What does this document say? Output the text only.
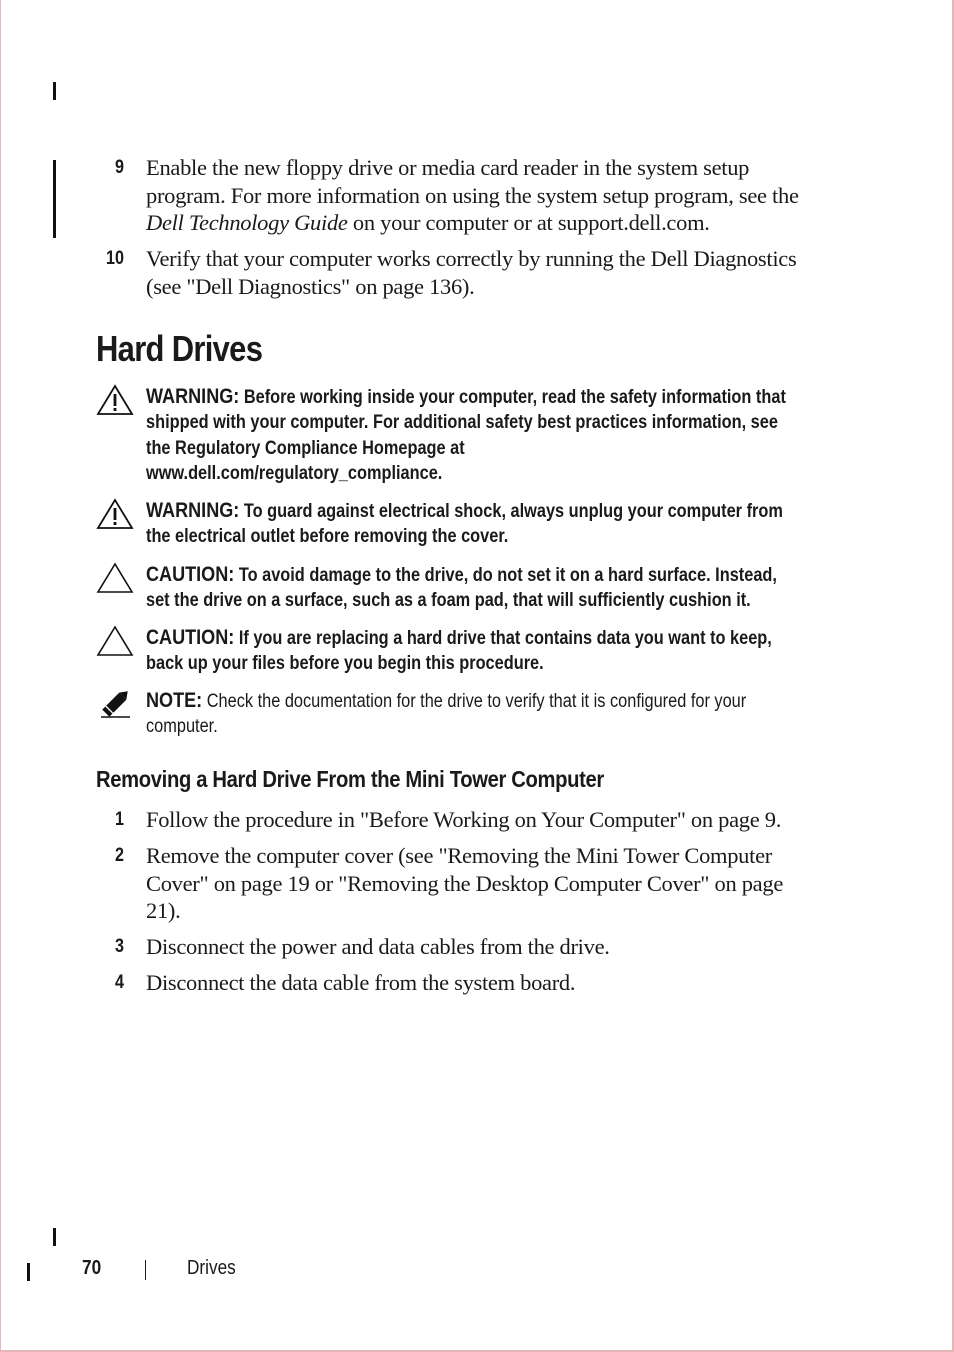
9 Enable the new floppy drive or media card reader in the system setup program. For more information on using the system setup program, see the Dell Technology Guide on your computer or at support.dell.com.
10 Verify that your computer works correctly by running the Dell Diagnostics (see "Dell Diagnostics" on page 136).
Hard Drives
WARNING: Before working inside your computer, read the safety information that shipped with your computer. For additional safety best practices information, see the Regulatory Compliance Homepage at
www.dell.com/regulatory_compliance.
WARNING: To guard against electrical shock, always unplug your computer from the electrical outlet before removing the cover.
CAUTION: To avoid damage to the drive, do not set it on a hard surface. Instead, set the drive on a surface, such as a foam pad, that will sufficiently cushion it.
CAUTION: If you are replacing a hard drive that contains data you want to keep, back up your files before you begin this procedure.
NOTE: Check the documentation for the drive to verify that it is configured for your computer.
Removing a Hard Drive From the Mini Tower Computer
1 Follow the procedure in "Before Working on Your Computer" on page 9.
2 Remove the computer cover (see "Removing the Mini Tower Computer Cover" on page 19 or "Removing the Desktop Computer Cover" on page 21).
3 Disconnect the power and data cables from the drive.
4 Disconnect the data cable from the system board.
70	Drives
